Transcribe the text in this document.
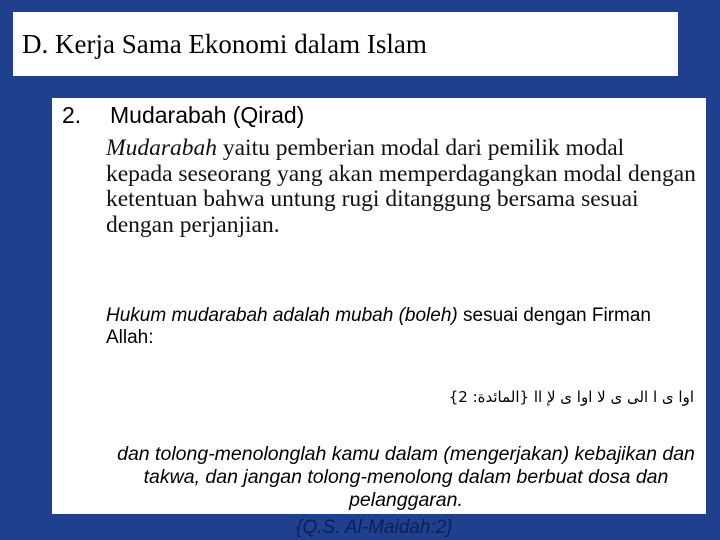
D. Kerja Sama Ekonomi dalam Islam
2. Mudarabah (Qirad)
Mudarabah yaitu pemberian modal dari pemilik modal kepada seseorang yang akan memperdagangkan modal dengan ketentuan bahwa untung rugi ditanggung bersama sesuai dengan perjanjian.
Hukum mudarabah adalah mubah (boleh) sesuai dengan Firman Allah:
اوا ى ا الى ى لا اوا ى لإ اا {المائدة: 2}
dan tolong-menolonglah kamu dalam (mengerjakan) kebajikan dan takwa, dan jangan tolong-menolong dalam berbuat dosa dan pelanggaran.
{Q.S. Al-Maidah:2}
